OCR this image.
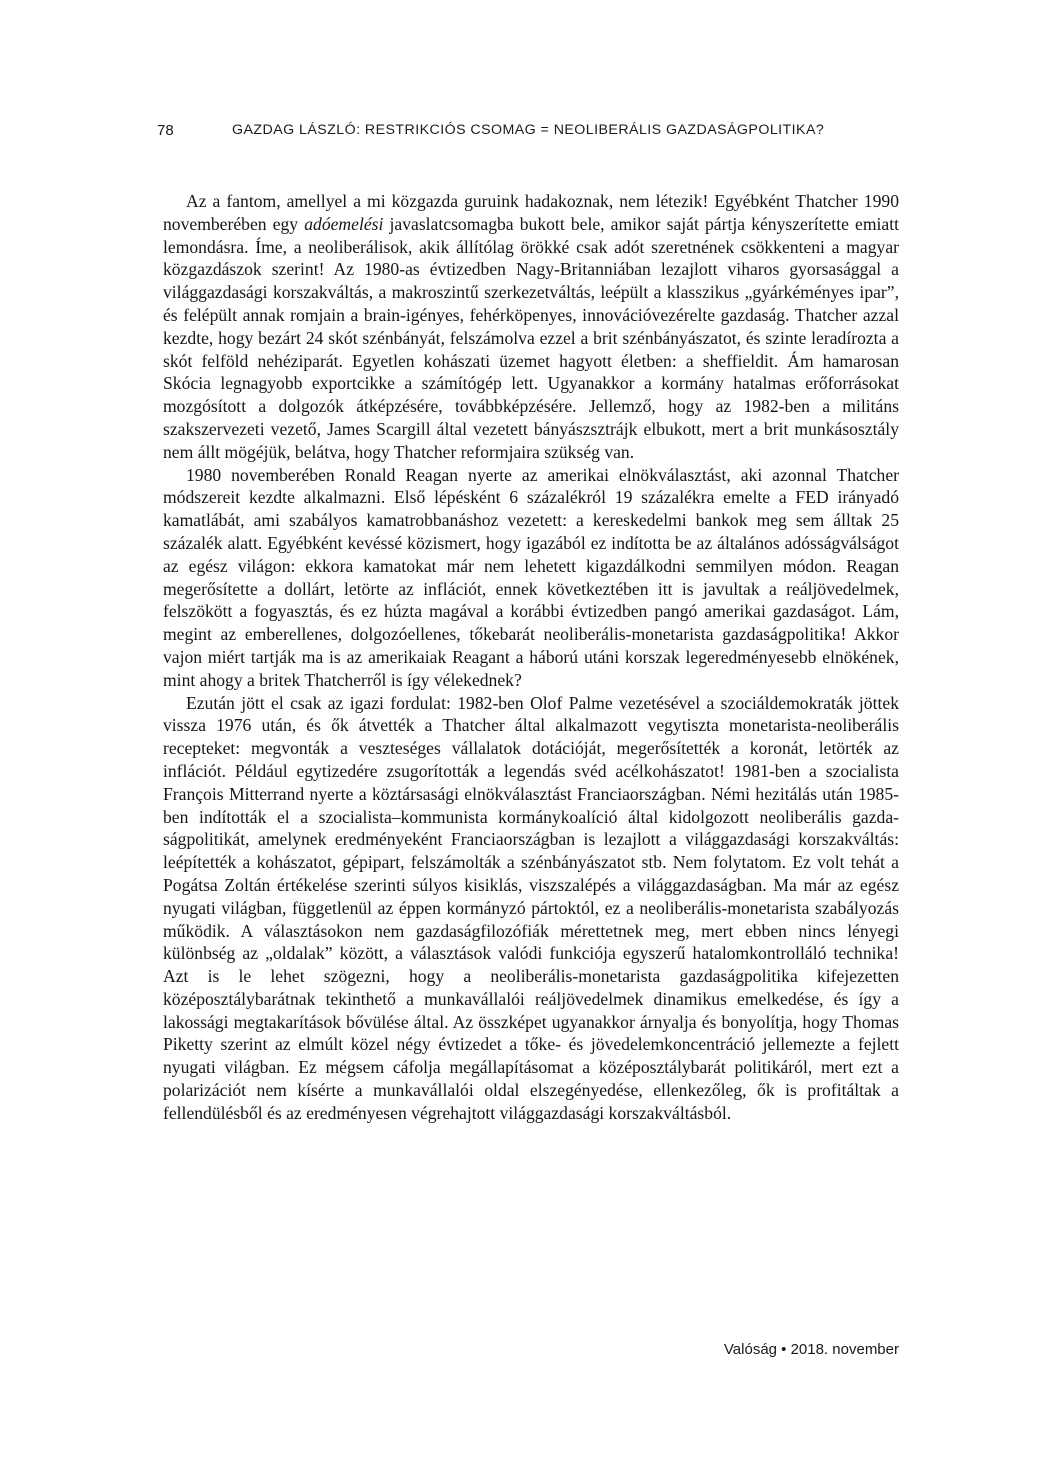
78	GAZDAG LÁSZLÓ: RESTRIKCIÓS CSOMAG = NEOLIBERÁLIS GAZDASÁGPOLITIKA?

Az a fantom, amellyel a mi közgazda guruink hadakoznak, nem létezik! Egyébként Thatcher 1990 novemberében egy adóemelési javaslatcsomagba bukott bele, amikor saját pártja kényszerítette emiatt lemondásra. Íme, a neoliberálisok, akik állítólag örökké csak adót szeretnének csökkenteni a magyar közgazdászok szerint! Az 1980-as évtizedben Nagy-Britanniában lezajlott viharos gyorsasággal a világgazdasági korszakváltás, a makroszintű szerkezetváltás, leépült a klasszikus „gyárkéményes ipar”, és felépült annak romjain a brain-igényes, fehérköpenyes, innovációvezérelte gazdaság. Thatcher azzal kezdte, hogy bezárt 24 skót szénbányát, felszámolva ezzel a brit szénbányászatot, és szinte leradírozta a skót felföld nehéziparát. Egyetlen kohászati üzemet hagyott életben: a sheffieldit. Ám hamarosan Skócia legnagyobb exportcikke a számítógép lett. Ugyanakkor a kormány hatalmas erőforrásokat mozgósított a dolgozók átképzésére, továbbképzésére. Jellemző, hogy az 1982-ben a militáns szakszervezeti vezető, James Scargill által vezetett bányászsztrájk elbukott, mert a brit munkásosztály nem állt mögéjük, belátva, hogy Thatcher reformjaira szükség van.

1980 novemberében Ronald Reagan nyerte az amerikai elnökválasztást, aki azonnal Thatcher módszereit kezdte alkalmazni. Első lépésként 6 százalékról 19 százalékra emelte a FED irányadó kamatlábát, ami szabályos kamatrobbanáshoz vezetett: a kereskedelmi bankok meg sem álltak 25 százalék alatt. Egyébként kevéssé közismert, hogy igazából ez indította be az általános adósságválságot az egész világon: ekkora kamatokat már nem lehetett kigazdálkodni semmilyen módon. Reagan megerősítette a dollárt, letörte az inflációt, ennek következtében itt is javultak a reáljövedelmek, felszökött a fogyasztás, és ez húzta magával a korábbi évtizedben pangó amerikai gazdaságot. Lám, megint az emberellenes, dolgozóellenes, tőkebarát neoliberális-monetarista gazdaságpolitika! Akkor vajon miért tartják ma is az amerikaiak Reagant a háború utáni korszak legeredményesebb elnökének, mint ahogy a britek Thatcherről is így vélekednek?

Ezután jött el csak az igazi fordulat: 1982-ben Olof Palme vezetésével a szociáldemokraták jöttek vissza 1976 után, és ők átvették a Thatcher által alkalmazott vegytiszta monetarista-neoliberális recepteket: megvonták a veszteséges vállalatok dotációját, megerősítették a koronát, letörték az inflációt. Például egytizedére zsugorították a legendás svéd acélkohászatot! 1981-ben a szocialista François Mitterrand nyerte a köztársasági elnökválasztást Franciaországban. Némi hezitálás után 1985-ben indították el a szocialista–kommunista kormánykoalíció által kidolgozott neoliberális gazdaságpolitikát, amelynek eredményeként Franciaországban is lezajlott a világgazdasági korszakváltás: leépítették a kohászatot, gépipart, felszámolták a szénbányászatot stb. Nem folytatom. Ez volt tehát a Pogátsa Zoltán értékelése szerinti súlyos kisiklás, viszszalépés a világgazdaságban. Ma már az egész nyugati világban, függetlenül az éppen kormányzó pártoktól, ez a neoliberális-monetarista szabályozás működik. A választásokon nem gazdaságfilozófiák mérettetnek meg, mert ebben nincs lényegi különbség az „oldalak” között, a választások valódi funkciója egyszerű hatalomkontrolláló technika! Azt is le lehet szögezni, hogy a neoliberális-monetarista gazdaságpolitika kifejezetten középosztálybarátnak tekinthető a munkavállalói reáljövedelmek dinamikus emelkedése, és így a lakossági megtakarítások bővülése által. Az összképet ugyanakkor árnyalja és bonyolítja, hogy Thomas Piketty szerint az elmúlt közel négy évtizedet a tőke- és jövedelemkoncentráció jellemezte a fejlett nyugati világban. Ez mégsem cáfolja megállapításomat a középosztálybarát politikáról, mert ezt a polarizációt nem kísérte a munkavállalói oldal elszegényedése, ellenkezőleg, ők is profitáltak a fellendülésből és az eredményesen végrehajtott világgazdasági korszakváltásból.

Valóság • 2018. november
